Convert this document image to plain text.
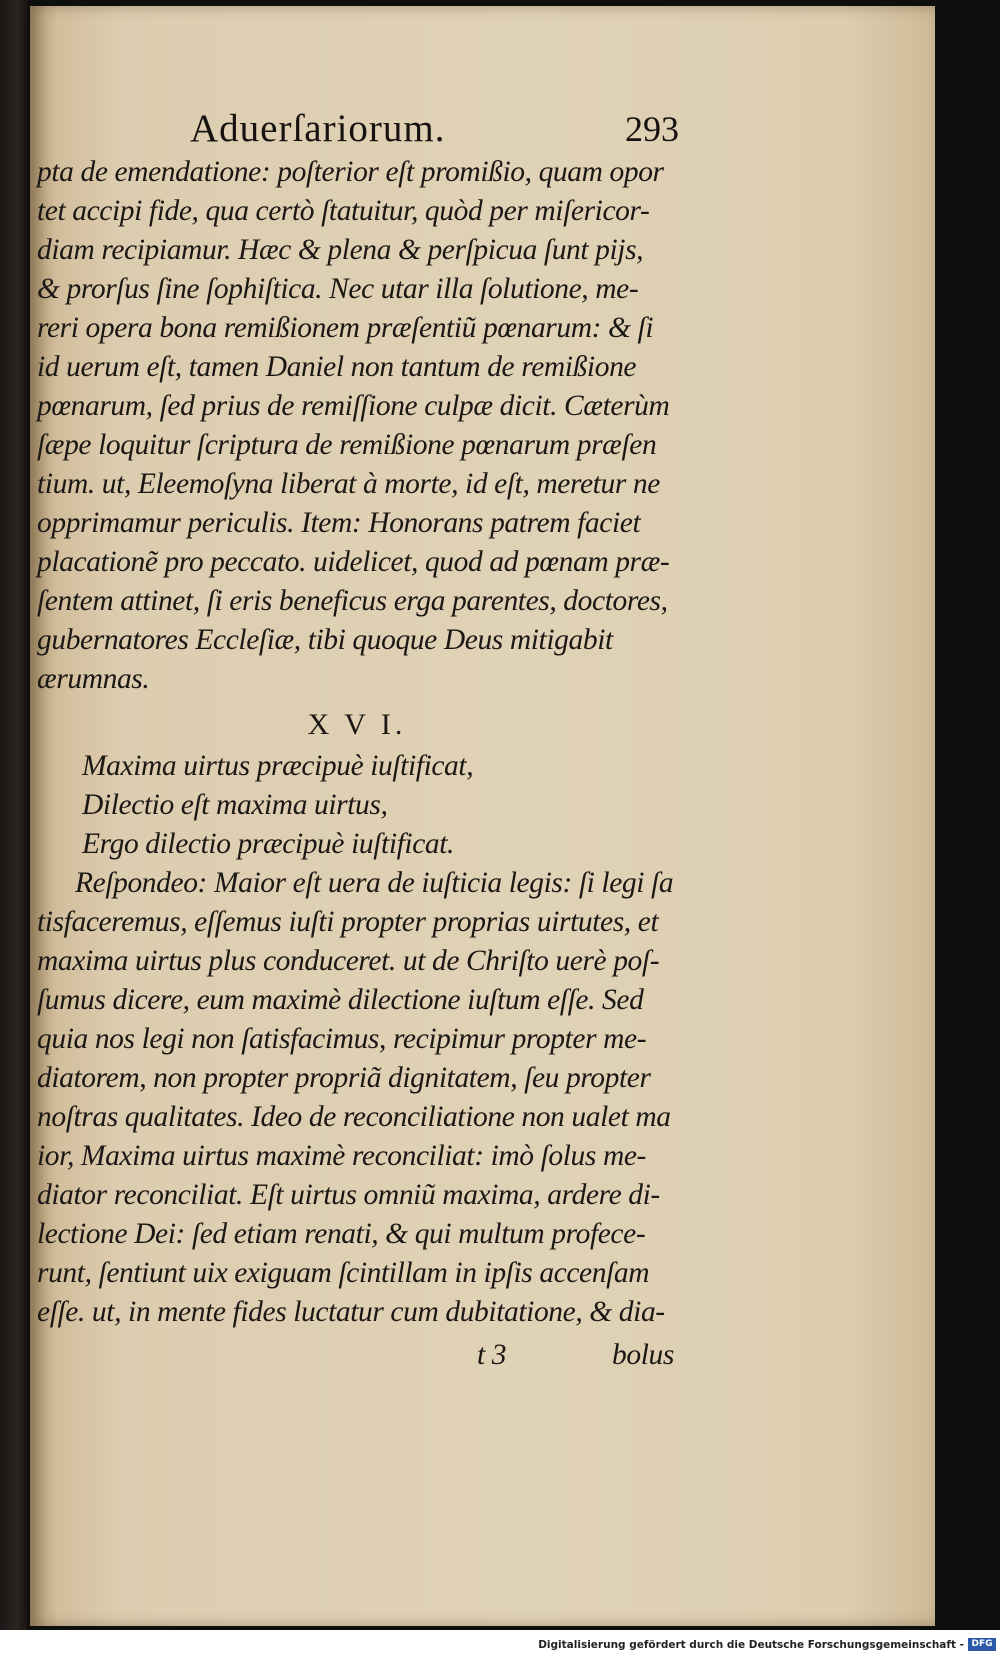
Aduerſariorum.	293
pta de emendatione: poſterior eſt promißio, quam opor
tet accipi fide, qua certò ſtatuitur, quòd per miſericor-
diam recipiamur. Hæc & plena & perſpicua ſunt pijs,
& prorſus ſine ſophiſtica. Nec utar illa ſolutione, me-
reri opera bona remißionem præſentiũ pœnarum: & ſi
id uerum eſt, tamen Daniel non tantum de remißione
pœnarum, ſed prius de remiſſione culpæ dicit. Cæterùm
ſæpe loquitur ſcriptura de remißione pœnarum præſen
tium. ut, Eleemoſyna liberat à morte, id eſt, meretur ne
opprimamur periculis. Item: Honorans patrem faciet
placationẽ pro peccato. uidelicet, quod ad pœnam præ-
ſentem attinet, ſi eris beneficus erga parentes, doctores,
gubernatores Eccleſiæ, tibi quoque Deus mitigabit
ærumnas.
X V I.
Maxima uirtus præcipuè iuſtificat,
Dilectio eſt maxima uirtus,
Ergo dilectio præcipuè iuſtificat.
Reſpondeo: Maior eſt uera de iuſticia legis: ſi legi ſa
tisfaceremus, eſſemus iuſti propter proprias uirtutes, et
maxima uirtus plus conduceret. ut de Chriſto uerè poſ-
ſumus dicere, eum maximè dilectione iuſtum eſſe. Sed
quia nos legi non ſatisfacimus, recipimur propter me-
diatorem, non propter propriã dignitatem, ſeu propter
noſtras qualitates. Ideo de reconciliatione non ualet ma
ior, Maxima uirtus maximè reconciliat: imò ſolus me-
diator reconciliat. Eſt uirtus omniũ maxima, ardere di-
lectione Dei: ſed etiam renati, & qui multum profece-
runt, ſentiunt uix exiguam ſcintillam in ipſis accenſam
eſſe. ut, in mente fides luctatur cum dubitatione, & dia-
t 3	bolus
Digitalisierung gefördert durch die Deutsche Forschungsgemeinschaft - DFG
